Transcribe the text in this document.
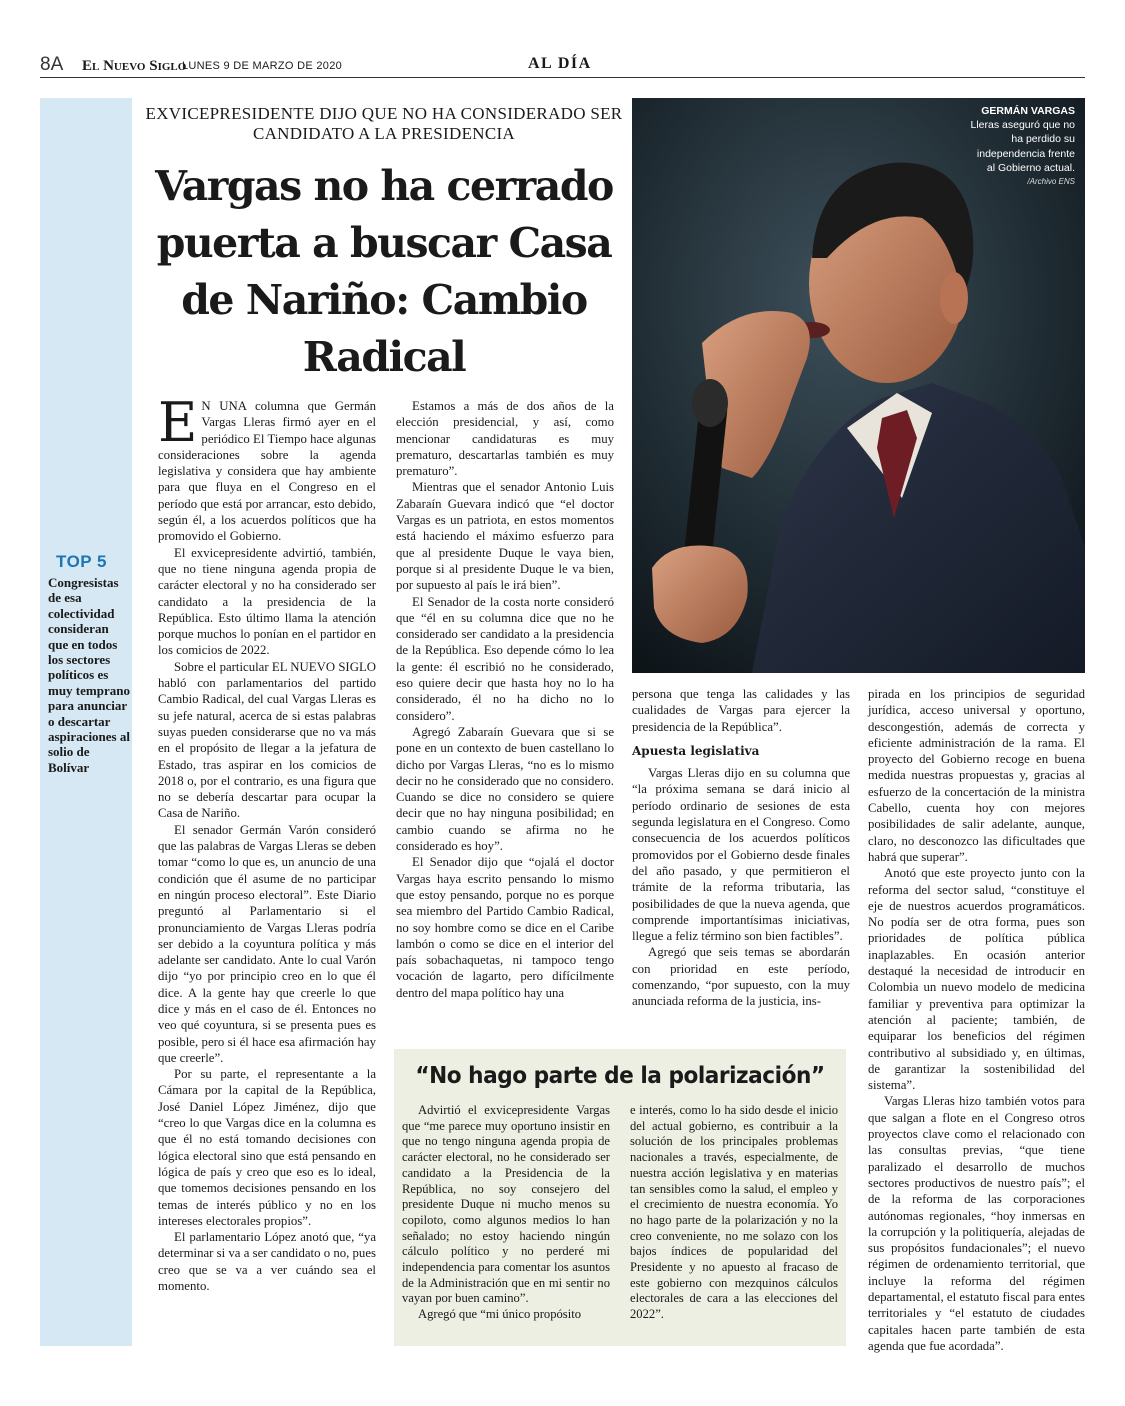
8A El Nuevo Siglo
LUNES 9 DE MARZO DE 2020	AL DÍA
TOP 5
Congresistas de esa colectividad consideran que en todos los sectores políticos es muy temprano para anunciar o descartar aspiraciones al solio de Bolívar
EXVICEPRESIDENTE DIJO QUE NO HA CONSIDERADO SER CANDIDATO A LA PRESIDENCIA
Vargas no ha cerrado puerta a buscar Casa de Nariño: Cambio Radical
GERMÁN VARGAS Lleras aseguró que no ha perdido su independencia frente al Gobierno actual.
/Archivo ENS

E N UNA columna que Germán Vargas Lleras firmó ayer en el periódico El Tiempo hace algunas consideraciones sobre la agenda legislativa y considera que hay ambiente para que fluya en el Congreso en el período que está por arrancar, esto debido, según él, a los acuerdos políticos que ha promovido el Gobierno.

El exvicepresidente advirtió, también, que no tiene ninguna agenda propia de carácter electoral y no ha considerado ser candidato a la presidencia de la República. Esto último llama la atención porque muchos lo ponían en el partidor en los comicios de 2022.

Sobre el particular EL NUEVO SIGLO habló con parlamentarios del partido Cambio Radical, del cual Vargas Lleras es su jefe natural, acerca de si estas palabras suyas pueden considerarse que no va más en el propósito de llegar a la jefatura de Estado, tras aspirar en los comicios de 2018 o, por el contrario, es una figura que no se debería descartar para ocupar la Casa de Nariño.

El senador Germán Varón consideró que las palabras de Vargas Lleras se deben tomar “como lo que es, un anuncio de una condición que él asume de no participar en ningún proceso electoral”. Este Diario preguntó al Parlamentario si el pronunciamiento de Vargas Lleras podría ser debido a la coyuntura política y más adelante ser candidato. Ante lo cual Varón dijo “yo por principio creo en lo que él dice. A la gente hay que creerle lo que dice y más en el caso de él. Entonces no veo qué coyuntura, si se presenta pues es posible, pero si él hace esa afirmación hay que creerle”.

Por su parte, el representante a la Cámara por la capital de la República, José Daniel López Jiménez, dijo que “creo lo que Vargas dice en la columna es que él no está tomando decisiones con lógica electoral sino que está pensando en lógica de país y creo que eso es lo ideal, que tomemos decisiones pensando en los temas de interés público y no en los intereses electorales propios”.

El parlamentario López anotó que, “ya determinar si va a ser candidato o no, pues creo que se va a ver cuándo sea el momento.

Estamos a más de dos años de la elección presidencial, y así, como mencionar candidaturas es muy prematuro, descartarlas también es muy prematuro”.

Mientras que el senador Antonio Luis Zabaraín Guevara indicó que “el doctor Vargas es un patriota, en estos momentos está haciendo el máximo esfuerzo para que al presidente Duque le vaya bien, porque si al presidente Duque le va bien, por supuesto al país le irá bien”.

El Senador de la costa norte consideró que “él en su columna dice que no he considerado ser candidato a la presidencia de la República. Eso depende cómo lo lea la gente: él escribió no he considerado, eso quiere decir que hasta hoy no lo ha considerado, él no ha dicho no lo considero”.

Agregó Zabaraín Guevara que si se pone en un contexto de buen castellano lo dicho por Vargas Lleras, “no es lo mismo decir no he considerado que no considero. Cuando se dice no considero se quiere decir que no hay ninguna posibilidad; en cambio cuando se afirma no he considerado es hoy”.

El Senador dijo que “ojalá el doctor Vargas haya escrito pensando lo mismo que estoy pensando, porque no es porque sea miembro del Partido Cambio Radical, no soy hombre como se dice en el Caribe lambón o como se dice en el interior del país sobachaquetas, ni tampoco tengo vocación de lagarto, pero difícilmente dentro del mapa político hay una

persona que tenga las calidades y las cualidades de Vargas para ejercer la presidencia de la República”.

Apuesta legislativa

Vargas Lleras dijo en su columna que “la próxima semana se dará inicio al período ordinario de sesiones de esta segunda legislatura en el Congreso. Como consecuencia de los acuerdos políticos promovidos por el Gobierno desde finales del año pasado, y que permitieron el trámite de la reforma tributaria, las posibilidades de que la nueva agenda, que comprende importantísimas iniciativas, llegue a feliz término son bien factibles”.

Agregó que seis temas se abordarán con prioridad en este período, comenzando, “por supuesto, con la muy anunciada reforma de la justicia, ins-

pirada en los principios de seguridad jurídica, acceso universal y oportuno, descongestión, además de correcta y eficiente administración de la rama. El proyecto del Gobierno recoge en buena medida nuestras propuestas y, gracias al esfuerzo de la concertación de la ministra Cabello, cuenta hoy con mejores posibilidades de salir adelante, aunque, claro, no desconozco las dificultades que habrá que superar”.

Anotó que este proyecto junto con la reforma del sector salud, “constituye el eje de nuestros acuerdos programáticos. No podía ser de otra forma, pues son prioridades de política pública inaplazables. En ocasión anterior destaqué la necesidad de introducir en Colombia un nuevo modelo de medicina familiar y preventiva para optimizar la atención al paciente; también, de equiparar los beneficios del régimen contributivo al subsidiado y, en últimas, de garantizar la sostenibilidad del sistema”.

Vargas Lleras hizo también votos para que salgan a flote en el Congreso otros proyectos clave como el relacionado con las consultas previas, “que tiene paralizado el desarrollo de muchos sectores productivos de nuestro país”; el de la reforma de las corporaciones autónomas regionales, “hoy inmersas en la corrupción y la politiquería, alejadas de sus propósitos fundacionales”; el nuevo régimen de ordenamiento territorial, que incluye la reforma del régimen departamental, el estatuto fiscal para entes territoriales y “el estatuto de ciudades capitales hacen parte también de esta agenda que fue acordada”.

“No hago parte de la polarización”

Advirtió el exvicepresidente Vargas que “me parece muy oportuno insistir en que no tengo ninguna agenda propia de carácter electoral, no he considerado ser candidato a la Presidencia de la República, no soy consejero del presidente Duque ni mucho menos su copiloto, como algunos medios lo han señalado; no estoy haciendo ningún cálculo político y no perderé mi independencia para comentar los asuntos de la Administración que en mi sentir no vayan por buen camino”.

Agregó que “mi único propósito

e interés, como lo ha sido desde el inicio del actual gobierno, es contribuir a la solución de los principales problemas nacionales a través, especialmente, de nuestra acción legislativa y en materias tan sensibles como la salud, el empleo y el crecimiento de nuestra economía. Yo no hago parte de la polarización y no la creo conveniente, no me solazo con los bajos índices de popularidad del Presidente y no apuesto al fracaso de este gobierno con mezquinos cálculos electorales de cara a las elecciones del 2022”.
